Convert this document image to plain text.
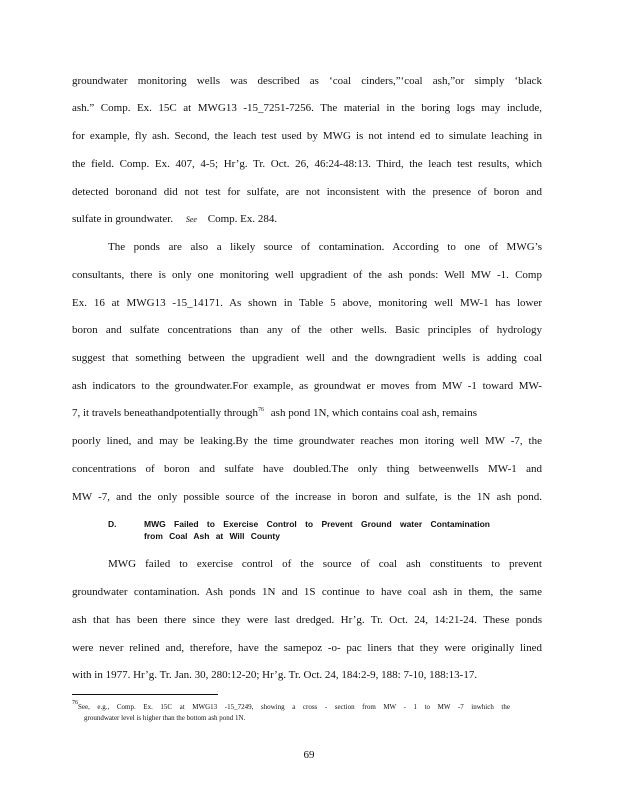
groundwater monitoring wells was described as ‘coal cinders,”‘coal ash,”or simply ‘black
ash.” Comp. Ex. 15C at MWG13 -15_7251-7256. The material in the boring logs may include,
for example, fly ash. Second, the leach test used by MWG is not intend ed to simulate leaching in
the field. Comp. Ex. 407, 4-5; Hr’g. Tr. Oct. 26, 46:24-48:13. Third, the leach test results, which
detected boronand did not test for sulfate, are not inconsistent with the presence of boron and
sulfate in groundwater. See Comp. Ex. 284.
The ponds are also a likely source of contamination. According to one of MWG’s
consultants, there is only one monitoring well upgradient of the ash ponds: Well MW -1. Comp
Ex. 16 at MWG13 -15_14171. As shown in Table 5 above, monitoring well MW-1 has lower
boron and sulfate concentrations than any of the other wells. Basic principles of hydrology
suggest that something between the upgradient well and the downgradient wells is adding coal
ash indicators to the groundwater.For example, as groundwat er moves from MW -1 toward MW-
7, it travels beneathandpotentially through$^{76}$ ash pond 1N, which contains coal ash, remains
poorly lined, and may be leaking.By the time groundwater reaches mon itoring well MW -7, the
concentrations of boron and sulfate have doubled.The only thing betweenwells MW-1 and
MW -7, and the only possible source of the increase in boron and sulfate, is the 1N ash pond.
D.	MWG Failed to Exercise Control to Prevent Ground water Contamination
from Coal Ash at Will County
MWG failed to exercise control of the source of coal ash constituents to prevent
groundwater contamination. Ash ponds 1N and 1S continue to have coal ash in them, the same
ash that has been there since they were last dredged. Hr’g. Tr. Oct. 24, 14:21-24. These ponds
were never relined and, therefore, have the samepoz -o- pac liners that they were originally lined
with in 1977. Hr’g. Tr. Jan. 30, 280:12-20; Hr’g. Tr. Oct. 24, 184:2-9, 188: 7-10, 188:13-17.
$^{76}$See, e.g., Comp. Ex. 15C at MWG13 -15_7249, showing a cross - section from MW - 1 to MW -7 inwhich the
groundwater level is higher than the bottom ash pond 1N.
69
